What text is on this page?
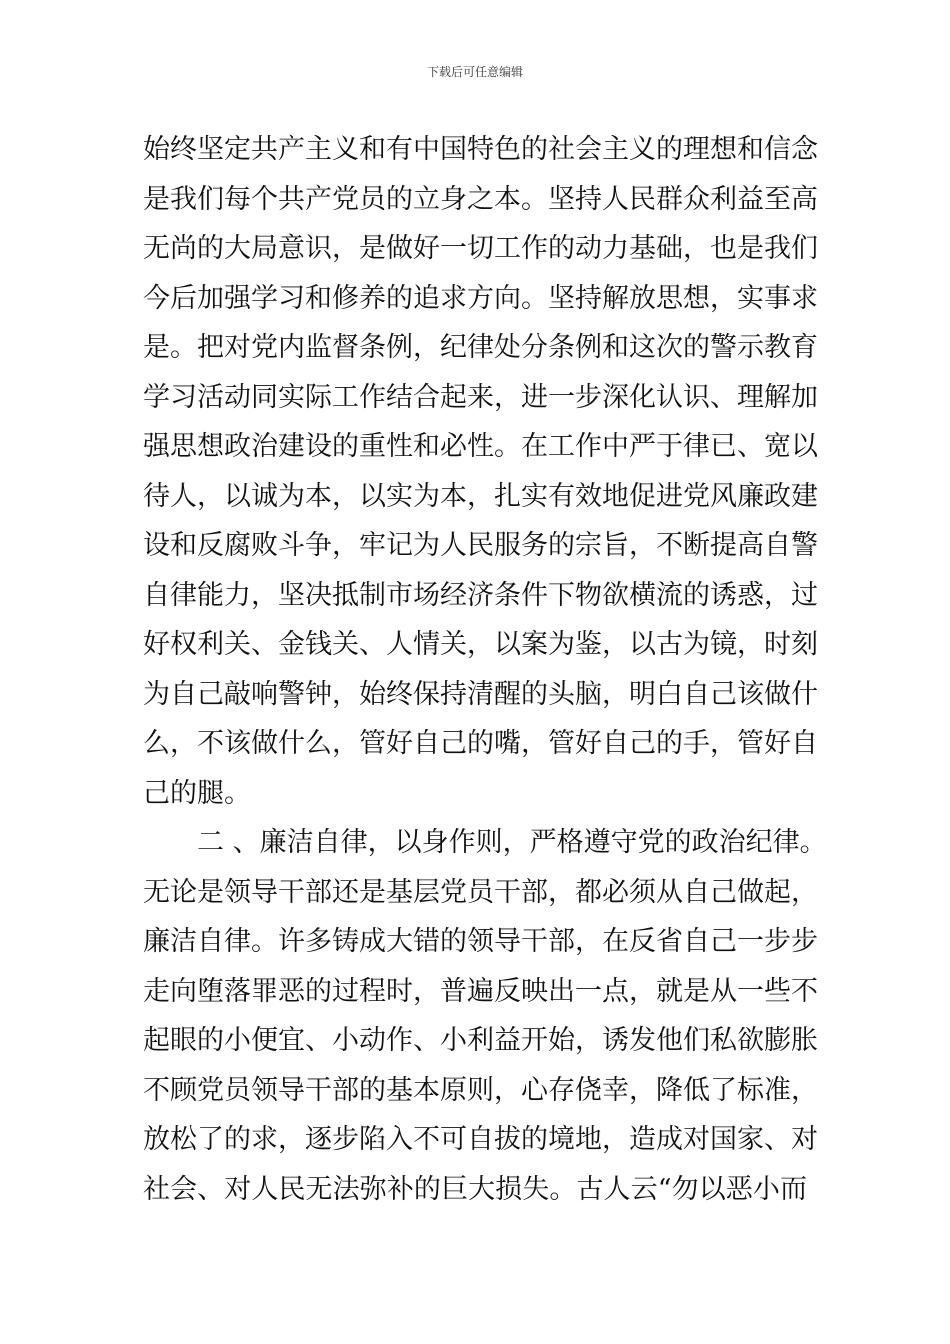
下载后可任意编辑
始终坚定共产主义和有中国特色的社会主义的理想和信念
是我们每个共产党员的立身之本。坚持人民群众利益至高
无尚的大局意识，是做好一切工作的动力基础，也是我们
今后加强学习和修养的追求方向。坚持解放思想，实事求
是。把对党内监督条例，纪律处分条例和这次的警示教育
学习活动同实际工作结合起来，进一步深化认识、理解加
强思想政治建设的重性和必性。在工作中严于律已、宽以
待人，以诚为本，以实为本，扎实有效地促进党风廉政建
设和反腐败斗争，牢记为人民服务的宗旨，不断提高自警
自律能力，坚决抵制市场经济条件下物欲横流的诱惑，过
好权利关、金钱关、人情关，以案为鉴，以古为镜，时刻
为自己敲响警钟，始终保持清醒的头脑，明白自己该做什
么，不该做什么，管好自己的嘴，管好自己的手，管好自
己的腿。
二 、廉洁自律，以身作则，严格遵守党的政治纪律。
无论是领导干部还是基层党员干部，都必须从自己做起，
廉洁自律。许多铸成大错的领导干部，在反省自己一步步
走向堕落罪恶的过程时，普遍反映出一点，就是从一些不
起眼的小便宜、小动作、小利益开始，诱发他们私欲膨胀
不顾党员领导干部的基本原则，心存侥幸，降低了标准，
放松了的求，逐步陷入不可自拔的境地，造成对国家、对
社会、对人民无法弥补的巨大损失。古人云“勿以恶小而
